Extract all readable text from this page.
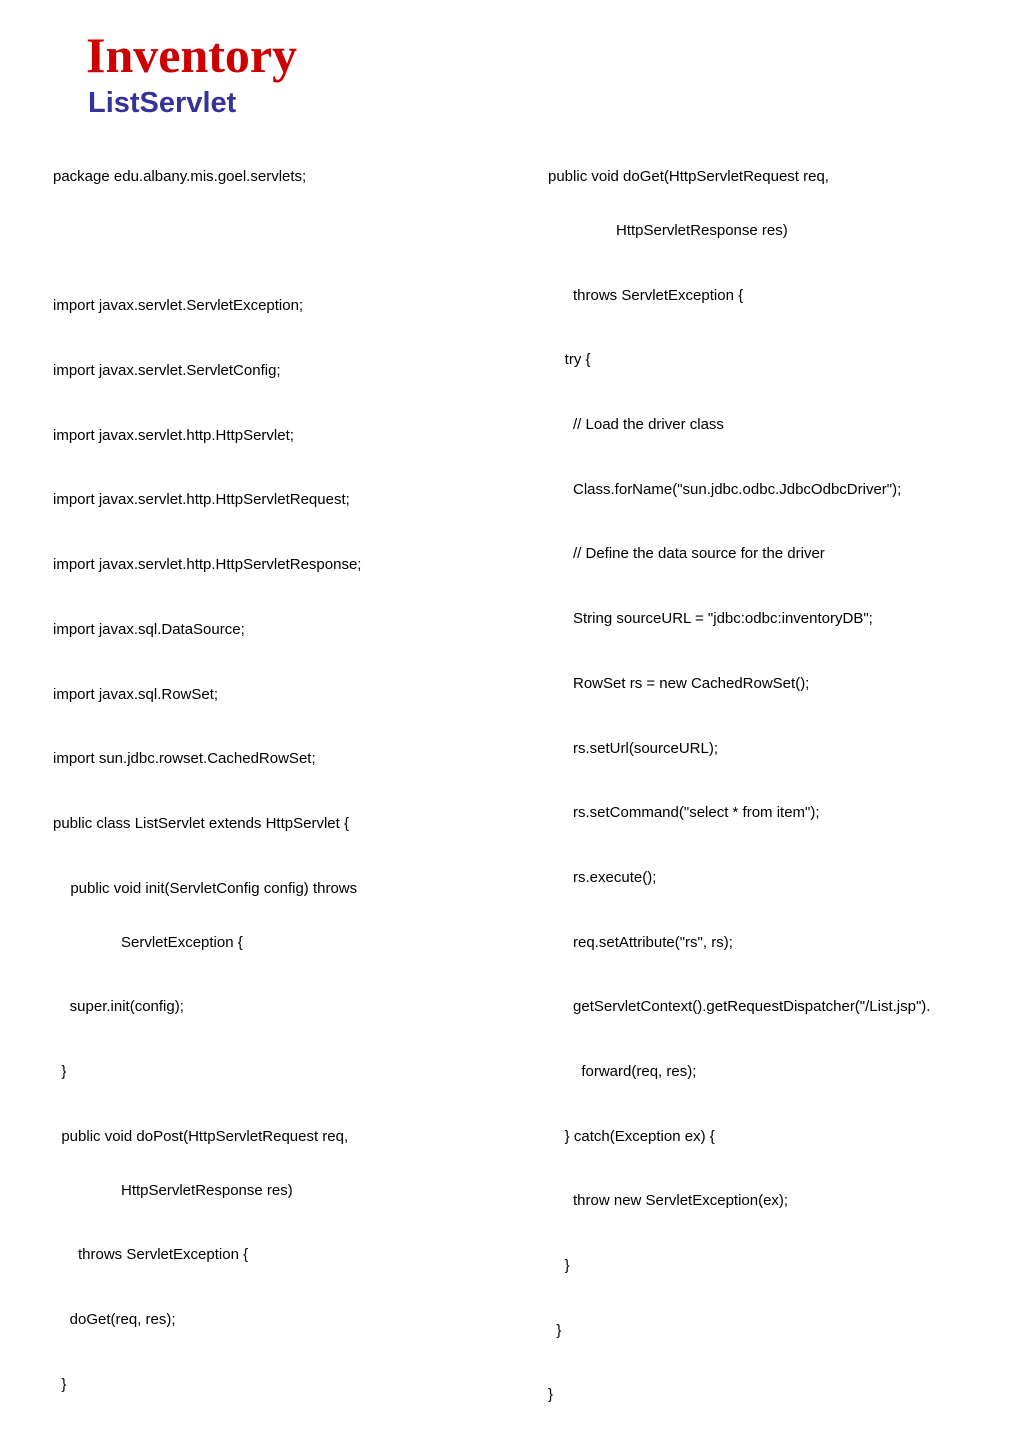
Inventory
ListServlet

package edu.albany.mis.goel.servlets;

import javax.servlet.ServletException;

import javax.servlet.ServletConfig;

import javax.servlet.http.HttpServlet;

import javax.servlet.http.HttpServletRequest;

import javax.servlet.http.HttpServletResponse;

import javax.sql.DataSource;

import javax.sql.RowSet;

import sun.jdbc.rowset.CachedRowSet;

public class ListServlet extends HttpServlet {

public void init(ServletConfig config) throws

ServletException {

super.init(config);

}

public void doPost(HttpServletRequest req,

HttpServletResponse res)

throws ServletException {

doGet(req, res);

}

public void doGet(HttpServletRequest req,

HttpServletResponse res)

throws ServletException {

try {

// Load the driver class

Class.forName("sun.jdbc.odbc.JdbcOdbcDriver");

// Define the data source for the driver

String sourceURL = "jdbc:odbc:inventoryDB";

RowSet rs = new CachedRowSet();

rs.setUrl(sourceURL);

rs.setCommand("select * from item");

rs.execute();

req.setAttribute("rs", rs);

getServletContext().getRequestDispatcher("/List.jsp").

forward(req, res);

} catch(Exception ex) {

throw new ServletException(ex);

}

}

}
